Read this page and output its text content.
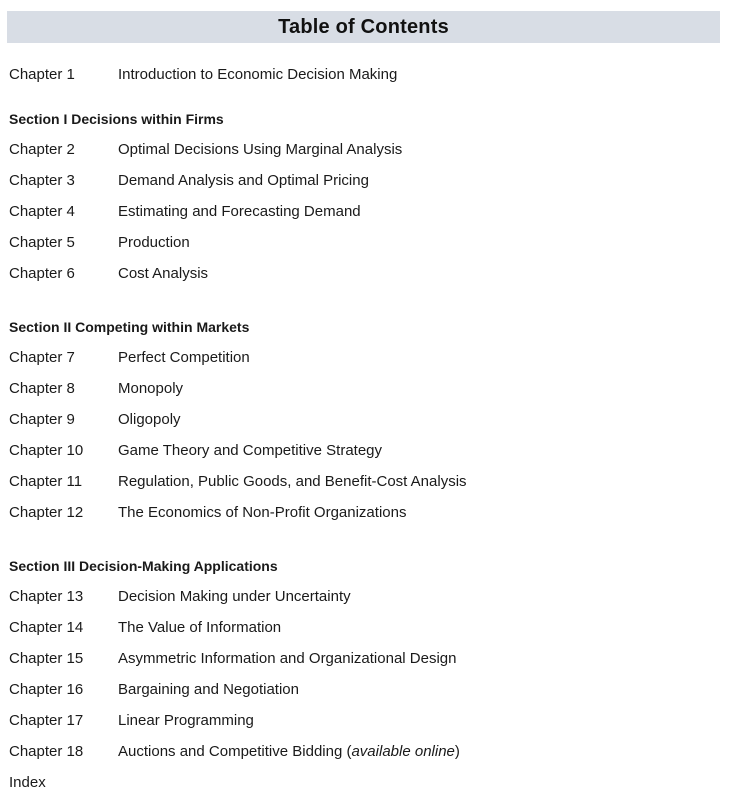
Table of Contents
Chapter 1	Introduction to Economic Decision Making
Section I Decisions within Firms
Chapter 2	Optimal Decisions Using Marginal Analysis
Chapter 3	Demand Analysis and Optimal Pricing
Chapter 4	Estimating and Forecasting Demand
Chapter 5	Production
Chapter 6	Cost Analysis
Section II Competing within Markets
Chapter 7	Perfect Competition
Chapter 8	Monopoly
Chapter 9	Oligopoly
Chapter 10 Game Theory and Competitive Strategy
Chapter 11 Regulation, Public Goods, and Benefit-Cost Analysis
Chapter 12 The Economics of Non-Profit Organizations
Section III Decision-Making Applications
Chapter 13 Decision Making under Uncertainty
Chapter 14 The Value of Information
Chapter 15 Asymmetric Information and Organizational Design
Chapter 16 Bargaining and Negotiation
Chapter 17 Linear Programming
Chapter 18 Auctions and Competitive Bidding (available online)
Index
